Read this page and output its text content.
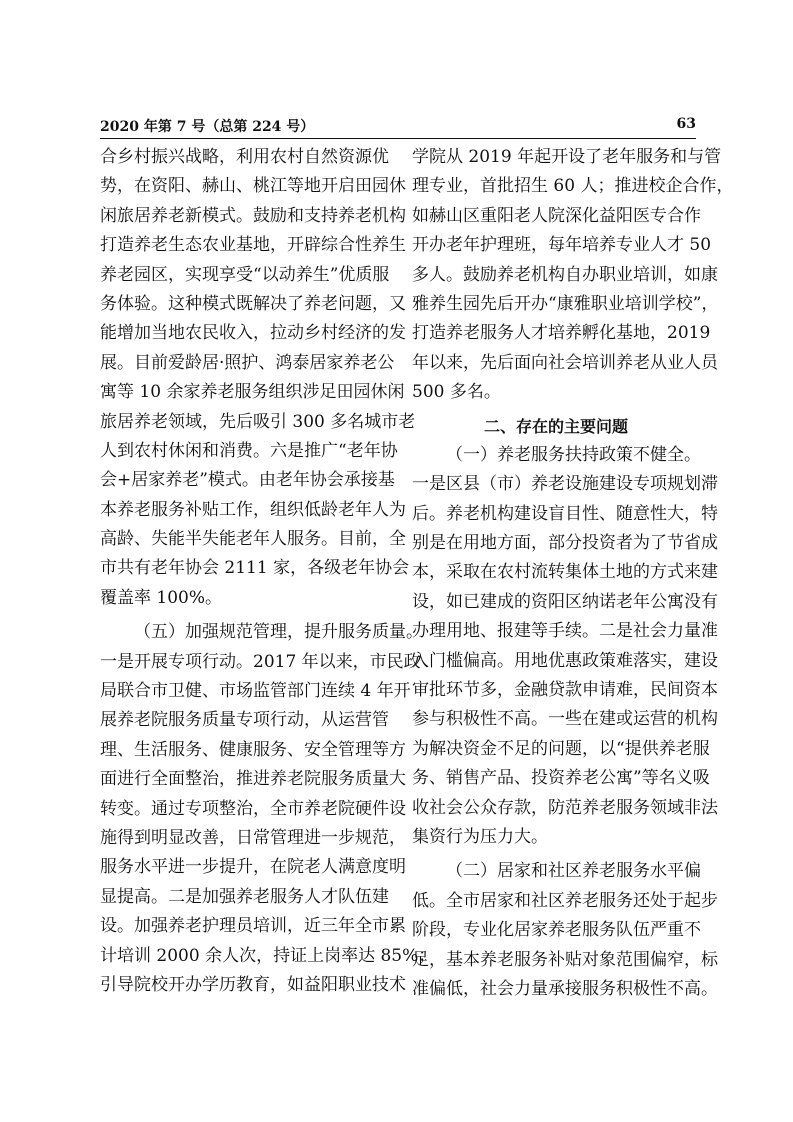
2020 年第 7 号（总第 224 号）	63
合乡村振兴战略，利用农村自然资源优
势，在资阳、赫山、桃江等地开启田园休
闲旅居养老新模式。鼓励和支持养老机构
打造养老生态农业基地，开辟综合性养生
养老园区，实现享受“以动养生”优质服
务体验。这种模式既解决了养老问题，又
能增加当地农民收入，拉动乡村经济的发
展。目前爱龄居·照护、鸿泰居家养老公
寓等 10 余家养老服务组织涉足田园休闲
旅居养老领域，先后吸引 300 多名城市老
人到农村休闲和消费。六是推广“老年协
会+居家养老”模式。由老年协会承接基
本养老服务补贴工作，组织低龄老年人为
高龄、失能半失能老年人服务。目前，全
市共有老年协会 2111 家，各级老年协会
覆盖率 100%。
（五）加强规范管理，提升服务质量。
一是开展专项行动。2017 年以来，市民政
局联合市卫健、市场监管部门连续 4 年开
展养老院服务质量专项行动，从运营管
理、生活服务、健康服务、安全管理等方
面进行全面整治，推进养老院服务质量大
转变。通过专项整治，全市养老院硬件设
施得到明显改善，日常管理进一步规范，
服务水平进一步提升，在院老人满意度明
显提高。二是加强养老服务人才队伍建
设。加强养老护理员培训，近三年全市累
计培训 2000 余人次，持证上岗率达 85%；
引导院校开办学历教育，如益阳职业技术
学院从 2019 年起开设了老年服务和与管
理专业，首批招生 60 人；推进校企合作，
如赫山区重阳老人院深化益阳医专合作
开办老年护理班，每年培养专业人才 50
多人。鼓励养老机构自办职业培训，如康
雅养生园先后开办“康雅职业培训学校”，
打造养老服务人才培养孵化基地，2019
年以来，先后面向社会培训养老从业人员
500 多名。
二、存在的主要问题
（一）养老服务扶持政策不健全。
一是区县（市）养老设施建设专项规划滞
后。养老机构建设盲目性、随意性大，特
别是在用地方面，部分投资者为了节省成
本，采取在农村流转集体土地的方式来建
设，如已建成的资阳区纳诺老年公寓没有
办理用地、报建等手续。二是社会力量准
入门槛偏高。用地优惠政策难落实，建设
审批环节多，金融贷款申请难，民间资本
参与积极性不高。一些在建或运营的机构
为解决资金不足的问题，以“提供养老服
务、销售产品、投资养老公寓”等名义吸
收社会公众存款，防范养老服务领域非法
集资行为压力大。
（二）居家和社区养老服务水平偏
低。全市居家和社区养老服务还处于起步
阶段，专业化居家养老服务队伍严重不
足，基本养老服务补贴对象范围偏窄，标
准偏低，社会力量承接服务积极性不高。
